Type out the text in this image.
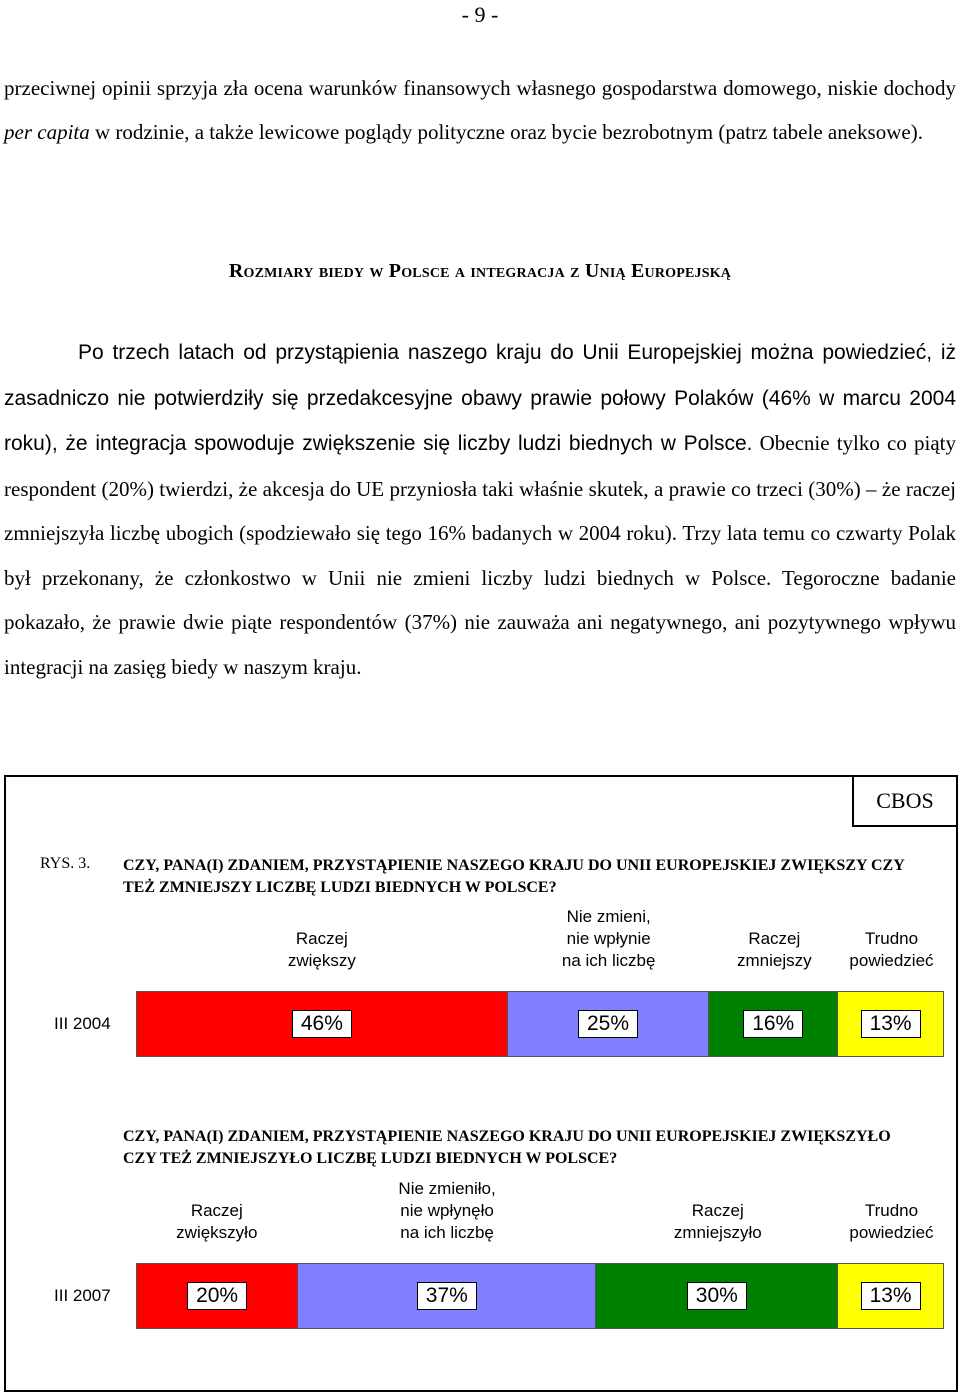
- 9 -
przeciwnej opinii sprzyja zła ocena warunków finansowych własnego gospodarstwa domowego, niskie dochody per capita w rodzinie, a także lewicowe poglądy polityczne oraz bycie bezrobotnym (patrz tabele aneksowe).
Rozmiary biedy w Polsce a integracja z Unią Europejską
Po trzech latach od przystąpienia naszego kraju do Unii Europejskiej można powiedzieć, iż zasadniczo nie potwierdziły się przedakcesyjne obawy prawie połowy Polaków (46% w marcu 2004 roku), że integracja spowoduje zwiększenie się liczby ludzi biednych w Polsce. Obecnie tylko co piąty respondent (20%) twierdzi, że akcesja do UE przyniosła taki właśnie skutek, a prawie co trzeci (30%) – że raczej zmniejszyła liczbę ubogich (spodziewało się tego 16% badanych w 2004 roku). Trzy lata temu co czwarty Polak był przekonany, że członkostwo w Unii nie zmieni liczby ludzi biednych w Polsce. Tegoroczne badanie pokazało, że prawie dwie piąte respondentów (37%) nie zauważa ani negatywnego, ani pozytywnego wpływu integracji na zasięg biedy w naszym kraju.
CBOS
RYS. 3. CZY, PANA(I) ZDANIEM, PRZYSTĄPIENIE NASZEGO KRAJU DO UNII EUROPEJSKIEJ ZWIĘKSZY CZY TEŻ ZMNIEJSZY LICZBĘ LUDZI BIEDNYCH W POLSCE?
CZY, PANA(I) ZDANIEM, PRZYSTĄPIENIE NASZEGO KRAJU DO UNII EUROPEJSKIEJ ZWIĘKSZYŁO CZY TEŻ ZMNIEJSZYŁO LICZBĘ LUDZI BIEDNYCH W POLSCE?
Raczej
zwiększy
Nie zmieni,
nie wpłynie
na ich liczbę
Raczej
zmniejszy
Trudno
powiedzieć
Raczej
zwiększyło
Nie zmieniło,
nie wpłynęło
na ich liczbę
Raczej
zmniejszyło
Trudno
powiedzieć
III 2004
III 2007
46%	25%	16%	13%
20%	37%	30%	13%
